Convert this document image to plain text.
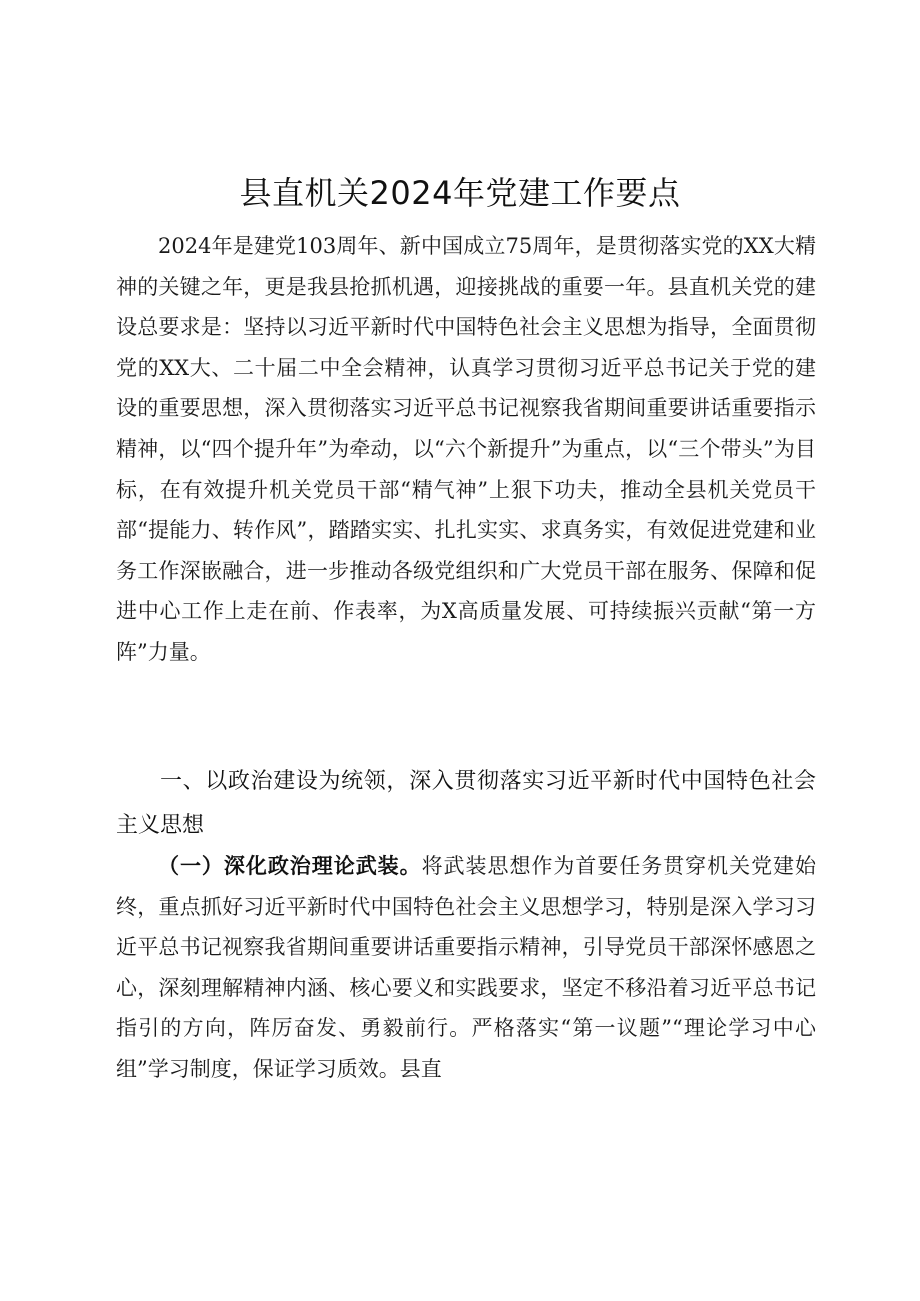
县直机关2024年党建工作要点

2024年是建党103周年、新中国成立75周年，是贯彻落实党的XX大精神的关键之年，更是我县抢抓机遇，迎接挑战的重要一年。县直机关党的建设总要求是：坚持以习近平新时代中国特色社会主义思想为指导，全面贯彻党的XX大、二十届二中全会精神，认真学习贯彻习近平总书记关于党的建设的重要思想，深入贯彻落实习近平总书记视察我省期间重要讲话重要指示精神，以“四个提升年”为牵动，以“六个新提升”为重点，以“三个带头”为目标，在有效提升机关党员干部“精气神”上狠下功夫，推动全县机关党员干部“提能力、转作风”，踏踏实实、扎扎实实、求真务实，有效促进党建和业务工作深嵌融合，进一步推动各级党组织和广大党员干部在服务、保障和促进中心工作上走在前、作表率，为X高质量发展、可持续振兴贡献“第一方阵”力量。

一、以政治建设为统领，深入贯彻落实习近平新时代中国特色社会主义思想

（一）深化政治理论武装。将武装思想作为首要任务贯穿机关党建始终，重点抓好习近平新时代中国特色社会主义思想学习，特别是深入学习习近平总书记视察我省期间重要讲话重要指示精神，引导党员干部深怀感恩之心，深刻理解精神内涵、核心要义和实践要求，坚定不移沿着习近平总书记指引的方向，阵厉奋发、勇毅前行。严格落实“第一议题”“理论学习中心组”学习制度，保证学习质效。县直
